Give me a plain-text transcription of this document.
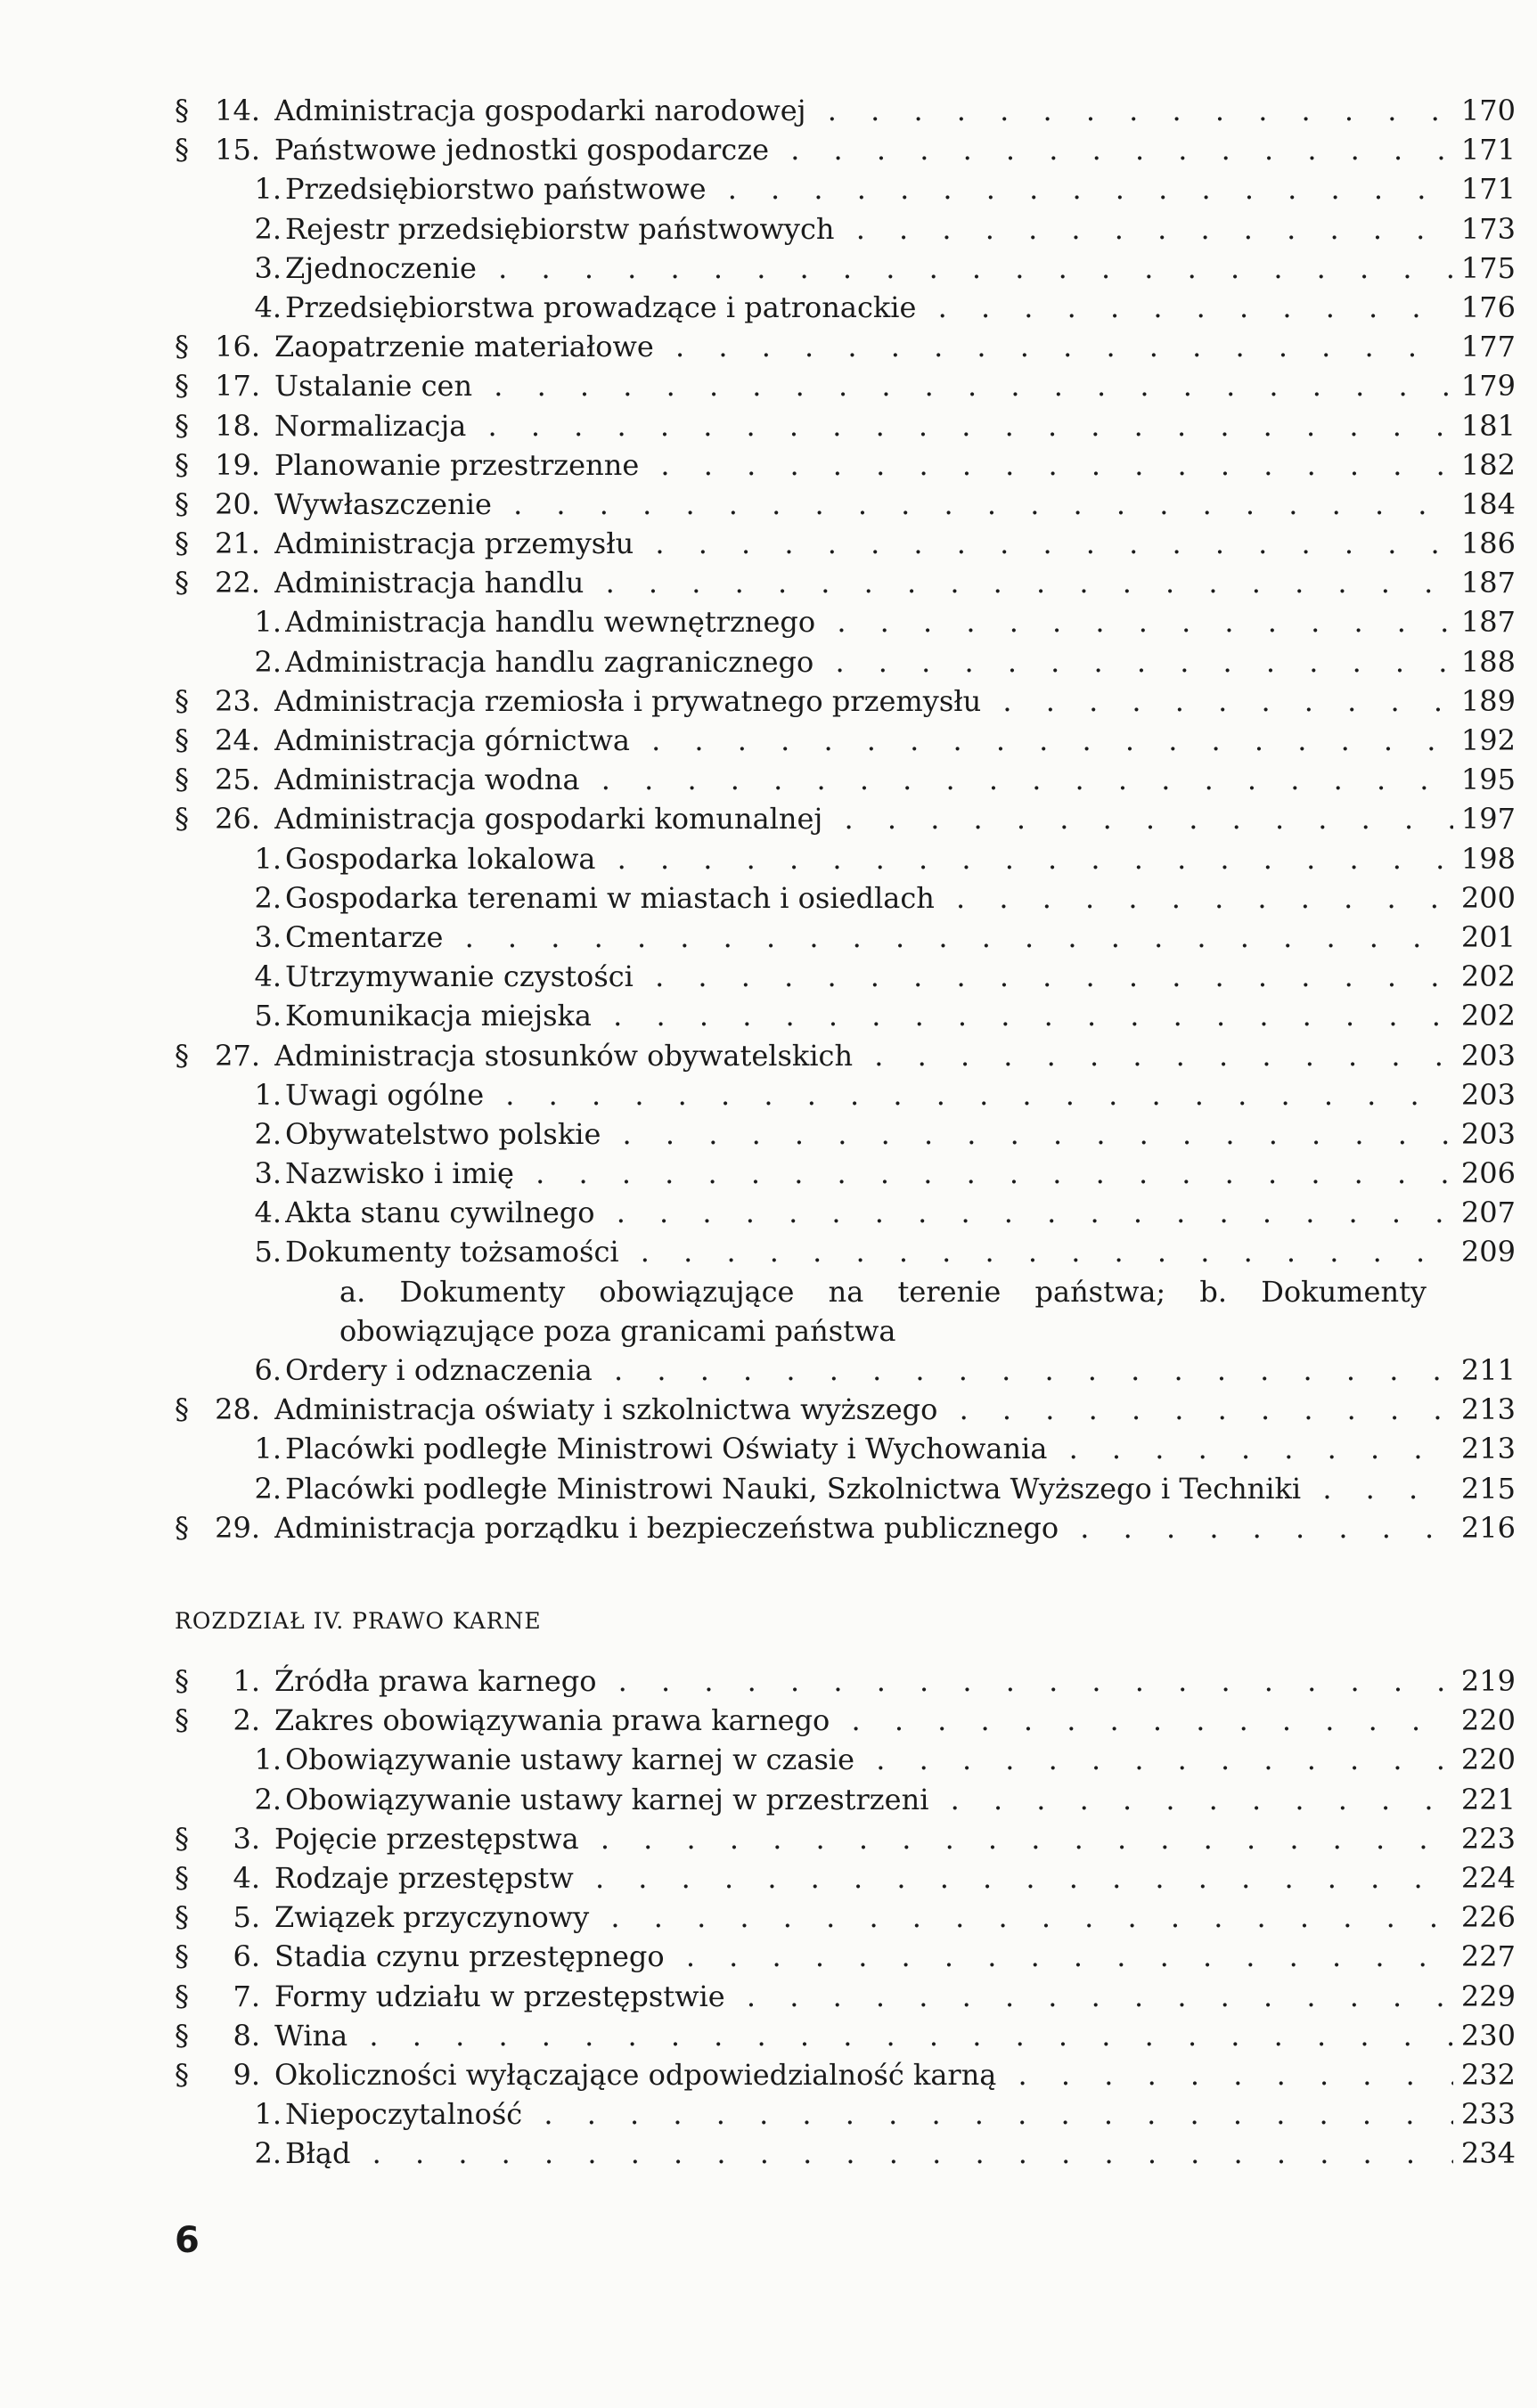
§ 14. Administracja gospodarki narodowej . . .	170
§ 15. Państwowe jednostki gospodarcze . . .	171
1. Przedsiębiorstwo państwowe . . .	171
2. Rejestr przedsiębiorstw państwowych . . .	173
3. Zjednoczenie . . .	175
4. Przedsiębiorstwa prowadzące i patronackie . . .	176
§ 16. Zaopatrzenie materiałowe . . .	177
§ 17. Ustalanie cen . . .	179
§ 18. Normalizacja . . .	181
§ 19. Planowanie przestrzenne . . .	182
§ 20. Wywłaszczenie . . .	184
§ 21. Administracja przemysłu . . .	186
§ 22. Administracja handlu . . .	187
1. Administracja handlu wewnętrznego . . .	187
2. Administracja handlu zagranicznego . . .	188
§ 23. Administracja rzemiosła i prywatnego przemysłu . . .	189
§ 24. Administracja górnictwa . . .	192
§ 25. Administracja wodna . . .	195
§ 26. Administracja gospodarki komunalnej . . .	197
1. Gospodarka lokalowa . . .	198
2. Gospodarka terenami w miastach i osiedlach . . .	200
3. Cmentarze . . .	201
4. Utrzymywanie czystości . . .	202
5. Komunikacja miejska . . .	202
§ 27. Administracja stosunków obywatelskich . . .	203
1. Uwagi ogólne . . .	203
2. Obywatelstwo polskie . . .	203
3. Nazwisko i imię . . .	206
4. Akta stanu cywilnego . . .	207
5. Dokumenty tożsamości . . .	209
a. Dokumenty obowiązujące na terenie państwa; b. Dokumenty obowiązujące poza granicami państwa
6. Ordery i odznaczenia . . .	211
§ 28. Administracja oświaty i szkolnictwa wyższego . . .	213
1. Placówki podległe Ministrowi Oświaty i Wychowania . . .	213
2. Placówki podległe Ministrowi Nauki, Szkolnictwa Wyższego i Techniki . . .	215
§ 29. Administracja porządku i bezpieczeństwa publicznego . . .	216
ROZDZIAŁ IV. PRAWO KARNE
§	1. Źródła prawa karnego . . .	219
§	2. Zakres obowiązywania prawa karnego . . .	220
1. Obowiązywanie ustawy karnej w czasie . . .	220
2. Obowiązywanie ustawy karnej w przestrzeni . . .	221
§	3. Pojęcie przestępstwa . . .	223
§	4. Rodzaje przestępstw . . .	224
§	5. Związek przyczynowy . . .	226
§	6. Stadia czynu przestępnego . . .	227
§	7. Formy udziału w przestępstwie . . .	229
§	8. Wina . . .	230
§	9. Okoliczności wyłączające odpowiedzialność karną . . .	232
1. Niepoczytalność . . .	233
2. Błąd . . .	234
6
